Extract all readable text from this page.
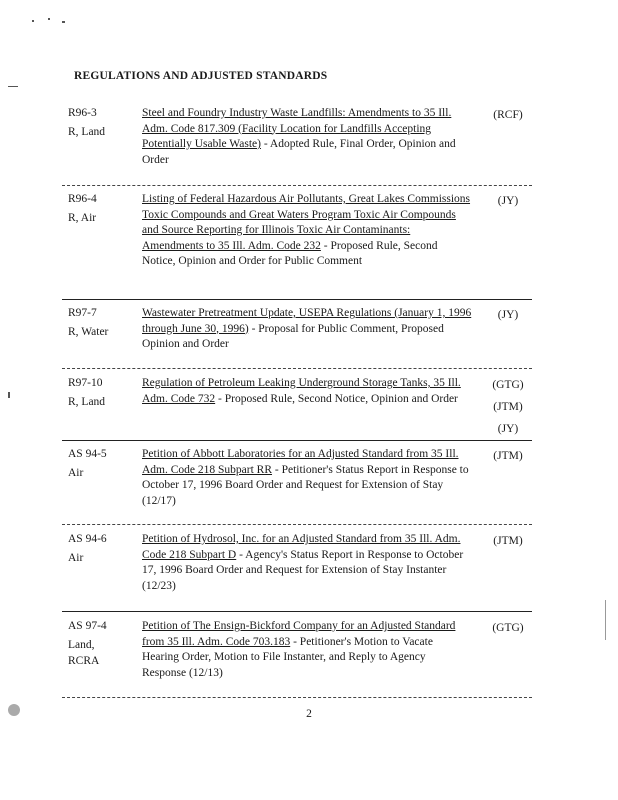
REGULATIONS AND ADJUSTED STANDARDS
R96-3
R, Land
Steel and Foundry Industry Waste Landfills: Amendments to 35 Ill. Adm. Code 817.309 (Facility Location for Landfills Accepting Potentially Usable Waste) - Adopted Rule, Final Order, Opinion and Order
(RCF)
R96-4
R, Air
Listing of Federal Hazardous Air Pollutants, Great Lakes Commissions Toxic Compounds and Great Waters Program Toxic Air Compounds and Source Reporting for Illinois Toxic Air Contaminants: Amendments to 35 Ill. Adm. Code 232 - Proposed Rule, Second Notice, Opinion and Order for Public Comment
(JY)
R97-7
R, Water
Wastewater Pretreatment Update, USEPA Regulations (January 1, 1996 through June 30, 1996) - Proposal for Public Comment, Proposed Opinion and Order
(JY)
R97-10
R, Land
Regulation of Petroleum Leaking Underground Storage Tanks, 35 Ill. Adm. Code 732 - Proposed Rule, Second Notice, Opinion and Order
(GTG)
(JTM)
(JY)
AS 94-5
Air
Petition of Abbott Laboratories for an Adjusted Standard from 35 Ill. Adm. Code 218 Subpart RR - Petitioner's Status Report in Response to October 17, 1996 Board Order and Request for Extension of Stay (12/17)
(JTM)
AS 94-6
Air
Petition of Hydrosol, Inc. for an Adjusted Standard from 35 Ill. Adm. Code 218 Subpart D - Agency's Status Report in Response to October 17, 1996 Board Order and Request for Extension of Stay Instanter (12/23)
(JTM)
AS 97-4
Land,
RCRA
Petition of The Ensign-Bickford Company for an Adjusted Standard from 35 Ill. Adm. Code 703.183 - Petitioner's Motion to Vacate Hearing Order, Motion to File Instanter, and Reply to Agency Response (12/13)
(GTG)
2
